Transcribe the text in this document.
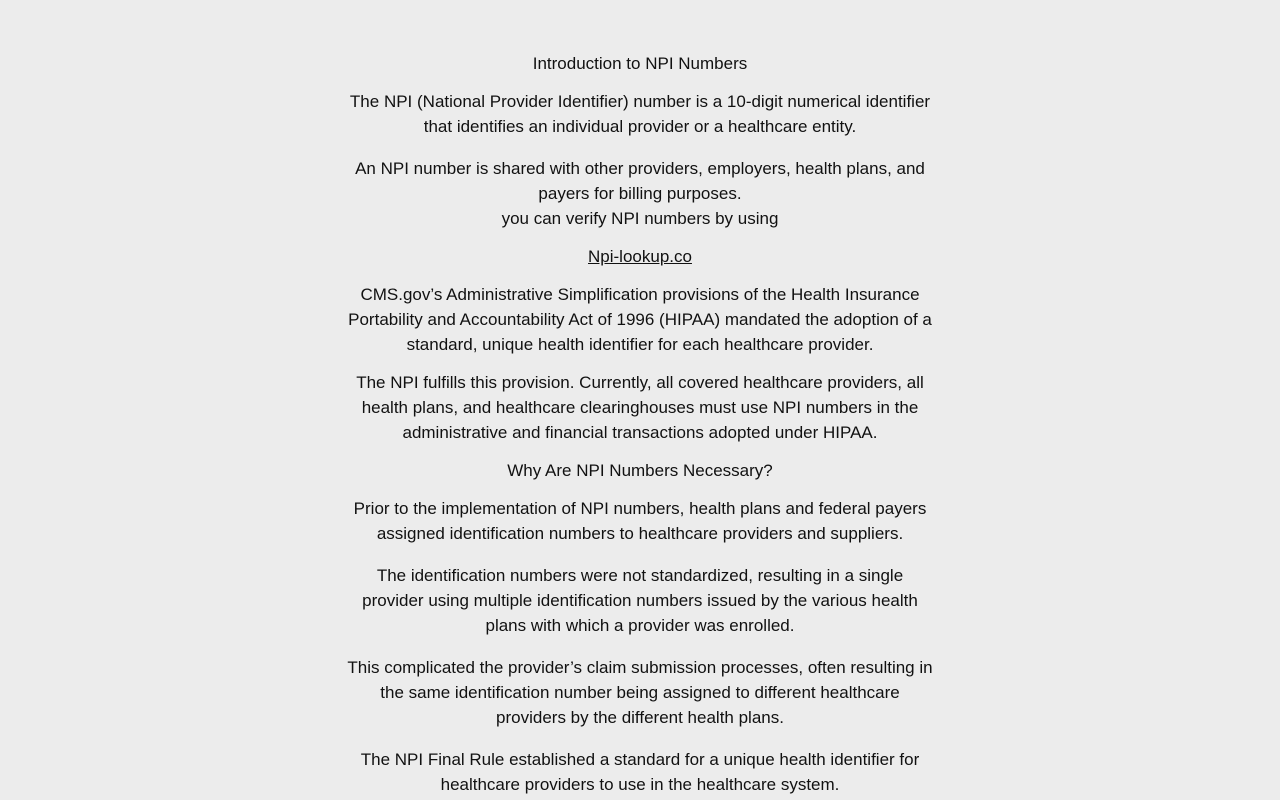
Introduction to NPI Numbers

The NPI (National Provider Identifier) number is a 10-digit numerical identifier that identifies an individual provider or a healthcare entity.

An NPI number is shared with other providers, employers, health plans, and payers for billing purposes.
you can verify NPI numbers by using

Npi-lookup.co

CMS.gov’s Administrative Simplification provisions of the Health Insurance Portability and Accountability Act of 1996 (HIPAA) mandated the adoption of a standard, unique health identifier for each healthcare provider.

The NPI fulfills this provision. Currently, all covered healthcare providers, all health plans, and healthcare clearinghouses must use NPI numbers in the administrative and financial transactions adopted under HIPAA.

Why Are NPI Numbers Necessary?

Prior to the implementation of NPI numbers, health plans and federal payers assigned identification numbers to healthcare providers and suppliers.

The identification numbers were not standardized, resulting in a single provider using multiple identification numbers issued by the various health plans with which a provider was enrolled.

This complicated the provider’s claim submission processes, often resulting in the same identification number being assigned to different healthcare providers by the different health plans.

The NPI Final Rule established a standard for a unique health identifier for healthcare providers to use in the healthcare system.
